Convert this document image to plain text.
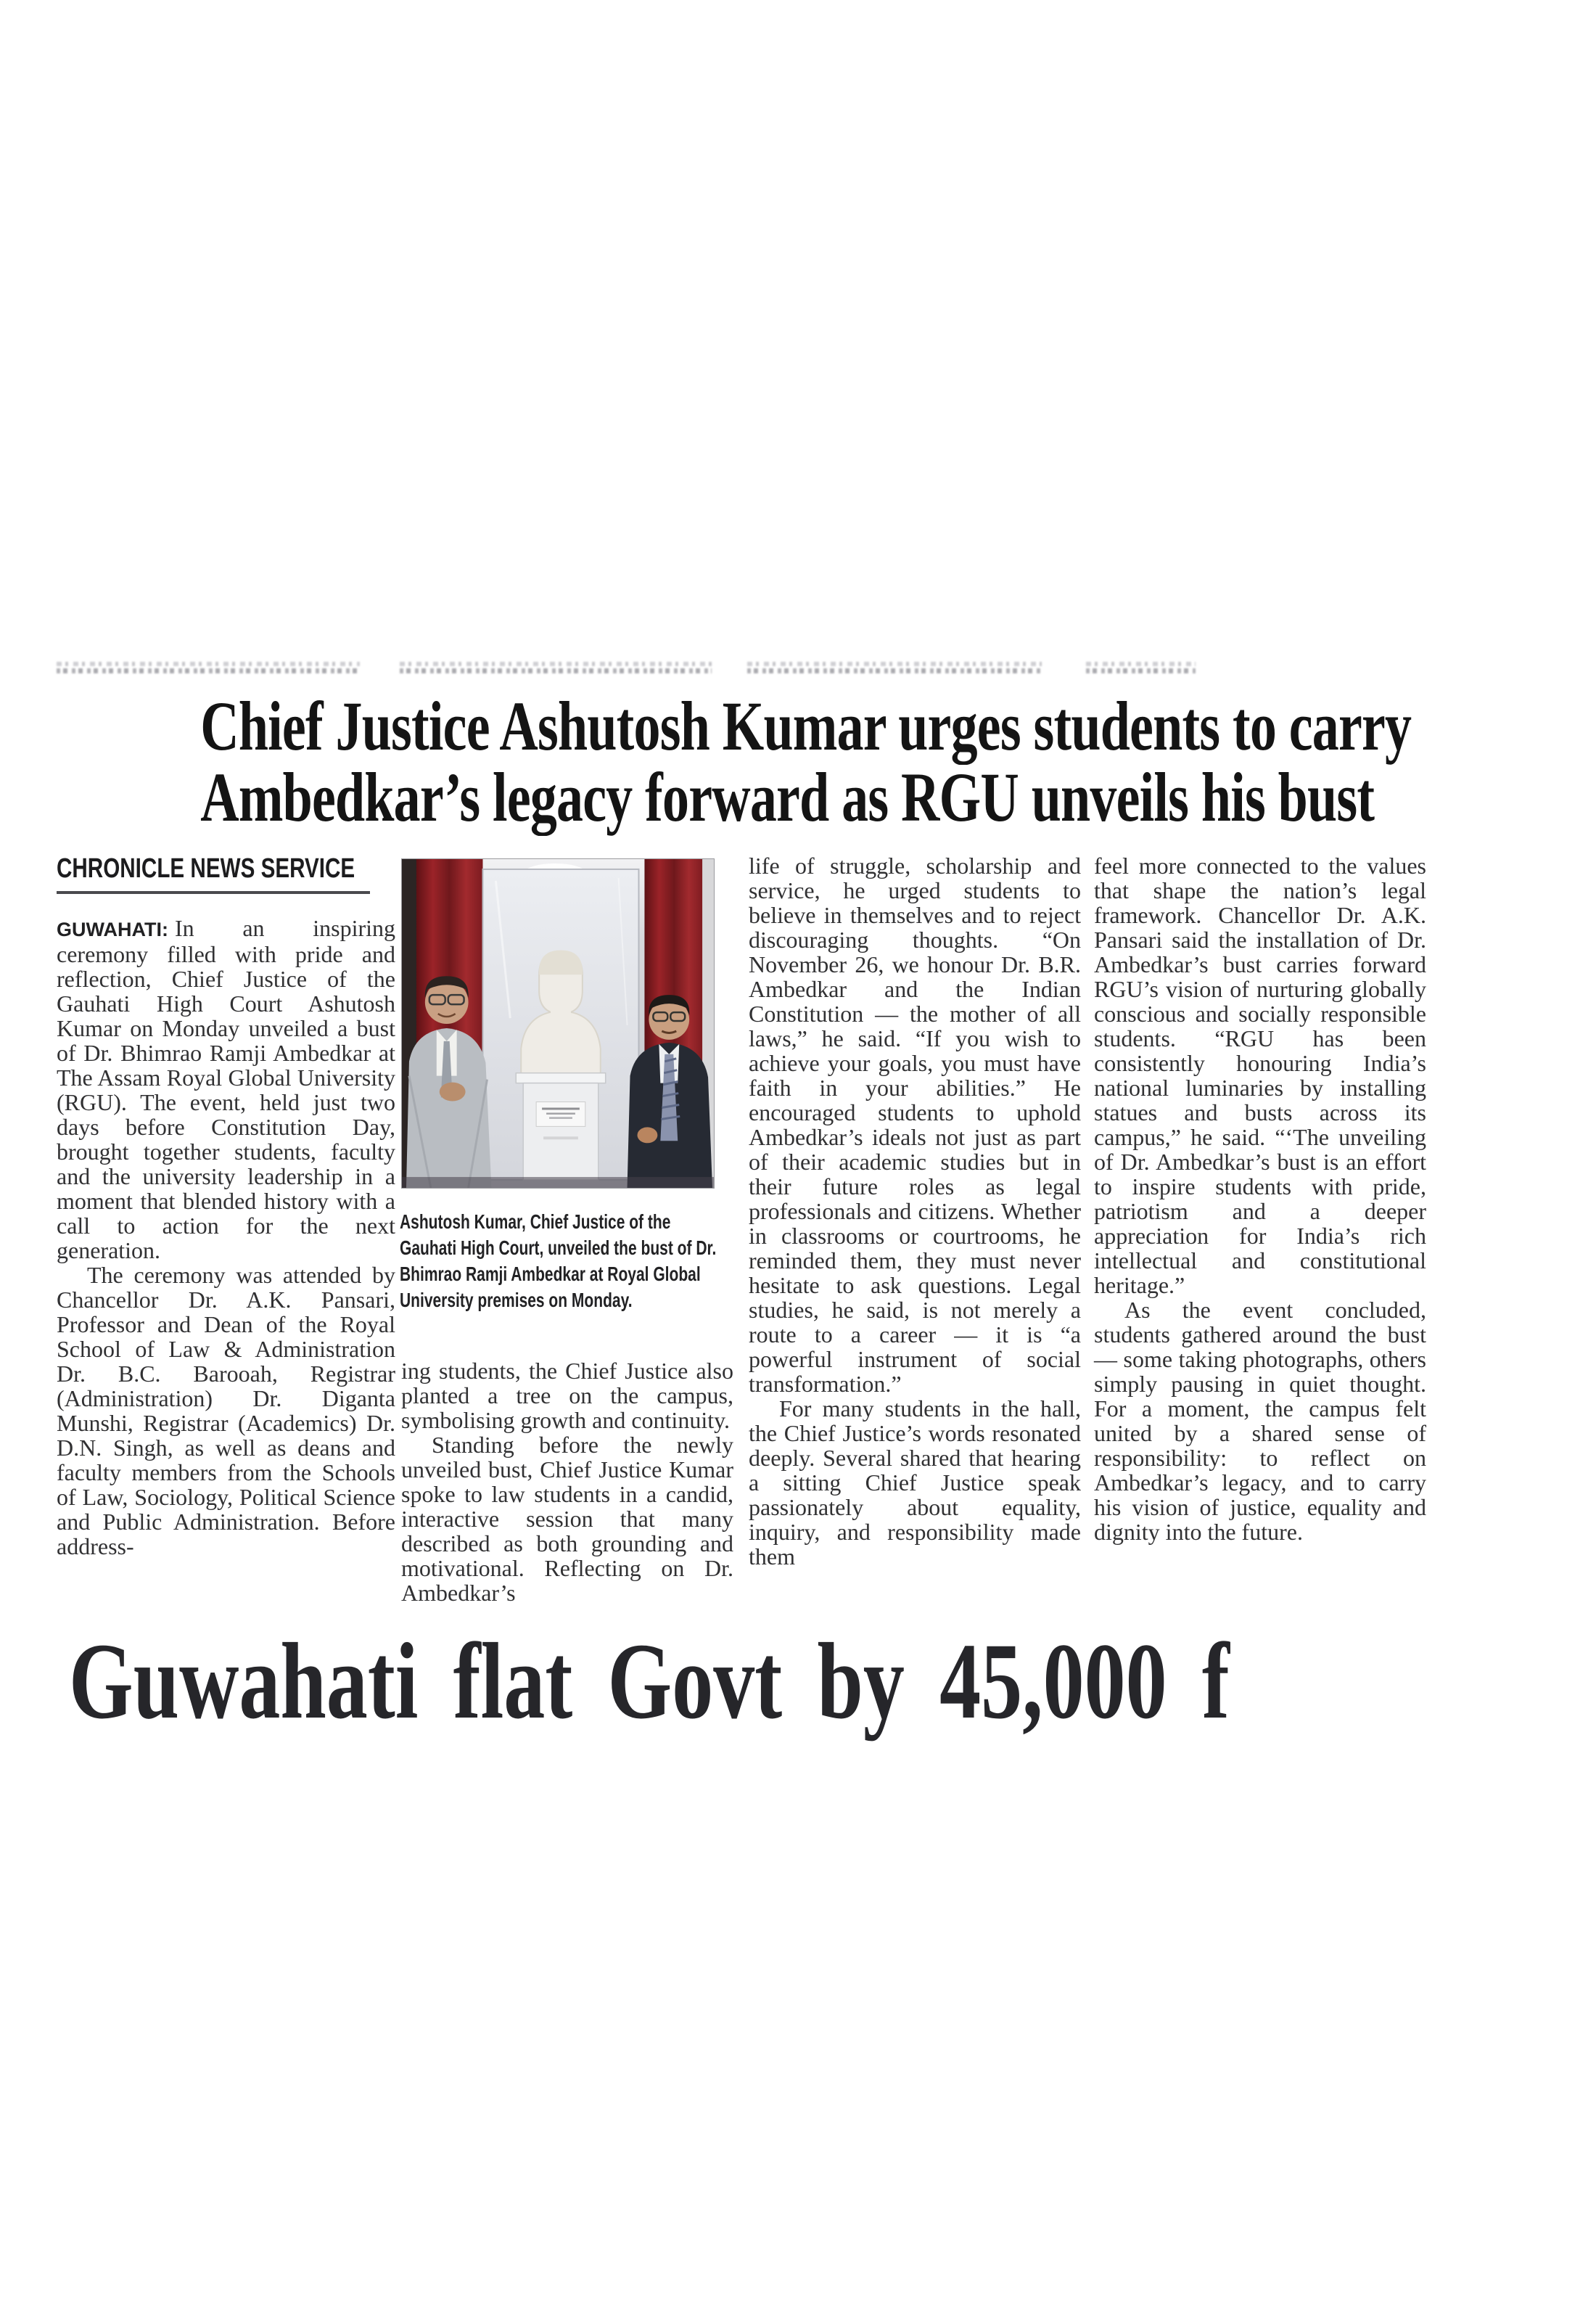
Chief Justice Ashutosh Kumar urges students to carry
Ambedkar’s legacy forward as RGU unveils his bust
CHRONICLE NEWS SERVICE

GUWAHATI: In an inspiring ceremony filled with pride and reflection, Chief Justice of the Gauhati High Court Ashutosh Kumar on Monday unveiled a bust of Dr. Bhimrao Ramji Ambedkar at The Assam Royal Global University (RGU). The event, held just two days before Constitution Day, brought together students, faculty and the university leadership in a moment that blended history with a call to action for the next generation.

The ceremony was attended by Chancellor Dr. A.K. Pansari, Professor and Dean of the Royal School of Law & Administration Dr. B.C. Barooah, Registrar (Administration) Dr. Diganta Munshi, Registrar (Academics) Dr. D.N. Singh, as well as deans and faculty members from the Schools of Law, Sociology, Political Science and Public Administration. Before address-

Ashutosh Kumar, Chief Justice of the Gauhati High Court, unveiled the bust of Dr. Bhimrao Ramji Ambedkar at Royal Global University premises on Monday.

ing students, the Chief Justice also planted a tree on the campus, symbolising growth and continuity.

Standing before the newly unveiled bust, Chief Justice Kumar spoke to law students in a candid, interactive session that many described as both grounding and motivational. Reflecting on Dr. Ambedkar’s

life of struggle, scholarship and service, he urged students to believe in themselves and to reject discouraging thoughts. “On November 26, we honour Dr. B.R. Ambedkar and the Indian Constitution — the mother of all laws,” he said. “If you wish to achieve your goals, you must have faith in your abilities.” He encouraged students to uphold Ambedkar’s ideals not just as part of their academic studies but in their future roles as legal professionals and citizens. Whether in classrooms or courtrooms, he reminded them, they must never hesitate to ask questions. Legal studies, he said, is not merely a route to a career — it is “a powerful instrument of social transformation.”

For many students in the hall, the Chief Justice’s words resonated deeply. Several shared that hearing a sitting Chief Justice speak passionately about equality, inquiry, and responsibility made them

feel more connected to the values that shape the nation’s legal framework. Chancellor Dr. A.K. Pansari said the installation of Dr. Ambedkar’s bust carries forward RGU’s vision of nurturing globally conscious and socially responsible students. “RGU has been consistently honouring India’s national luminaries by installing statues and busts across its campus,” he said. “‘The unveiling of Dr. Ambedkar’s bust is an effort to inspire students with pride, patriotism and a deeper appreciation for India’s rich intellectual and constitutional heritage.”

As the event concluded, students gathered around the bust — some taking photographs, others simply pausing in quiet thought. For a moment, the campus felt united by a shared sense of responsibility: to reflect on Ambedkar’s legacy, and to carry his vision of justice, equality and dignity into the future.

Guwahati flat Govt by 45,000 f
